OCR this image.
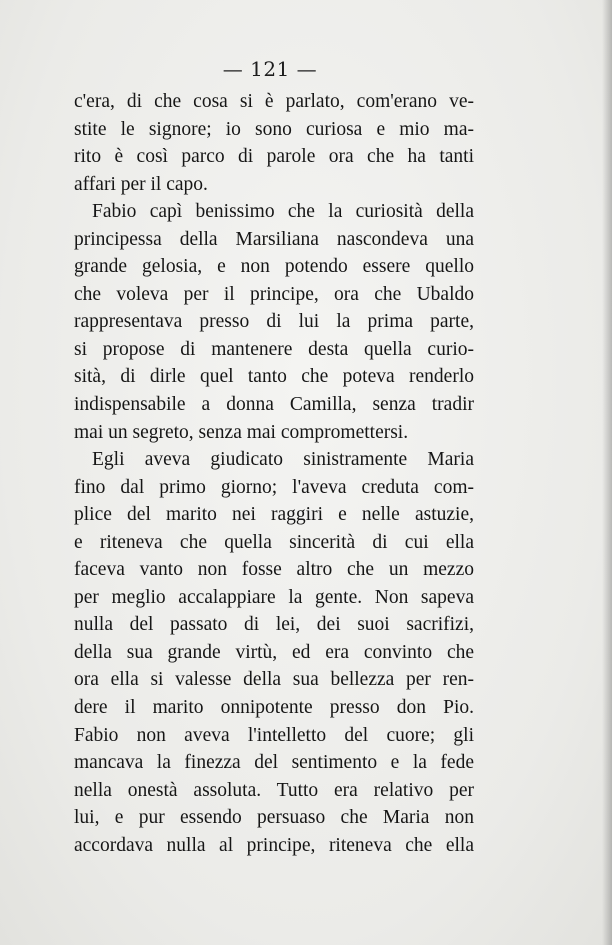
— 121 —
c'era, di che cosa si è parlato, com'erano ve-
stite le signore; io sono curiosa e mio ma-
rito è così parco di parole ora che ha tanti
affari per il capo.
Fabio capì benissimo che la curiosità della
principessa della Marsiliana nascondeva una
grande gelosia, e non potendo essere quello
che voleva per il principe, ora che Ubaldo
rappresentava presso di lui la prima parte,
si propose di mantenere desta quella curio-
sità, di dirle quel tanto che poteva renderlo
indispensabile a donna Camilla, senza tradir
mai un segreto, senza mai compromettersi.
Egli aveva giudicato sinistramente Maria
fino dal primo giorno; l'aveva creduta com-
plice del marito nei raggiri e nelle astuzie,
e riteneva che quella sincerità di cui ella
faceva vanto non fosse altro che un mezzo
per meglio accalappiare la gente. Non sapeva
nulla del passato di lei, dei suoi sacrifizi,
della sua grande virtù, ed era convinto che
ora ella si valesse della sua bellezza per ren-
dere il marito onnipotente presso don Pio.
Fabio non aveva l'intelletto del cuore; gli
mancava la finezza del sentimento e la fede
nella onestà assoluta. Tutto era relativo per
lui, e pur essendo persuaso che Maria non
accordava nulla al principe, riteneva che ella
